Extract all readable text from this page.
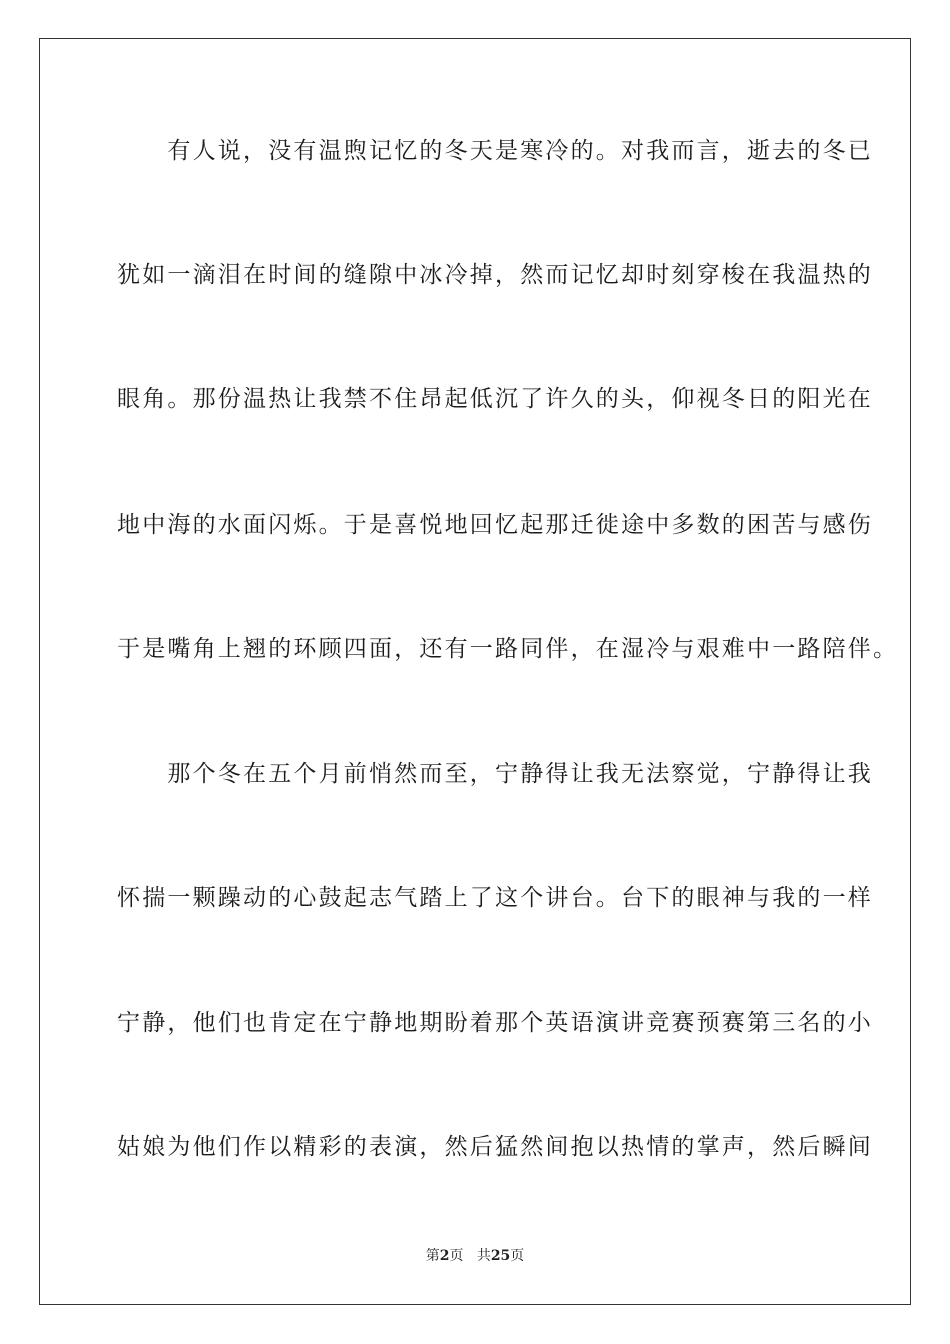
　　有人说，没有温煦记忆的冬天是寒冷的。对我而言，逝去的冬已
犹如一滴泪在时间的缝隙中冰冷掉，然而记忆却时刻穿梭在我温热的
眼角。那份温热让我禁不住昂起低沉了许久的头，仰视冬日的阳光在
地中海的水面闪烁。于是喜悦地回忆起那迁徙途中多数的困苦与感伤
于是嘴角上翘的环顾四面，还有一路同伴，在湿冷与艰难中一路陪伴。
　　那个冬在五个月前悄然而至，宁静得让我无法察觉，宁静得让我
怀揣一颗躁动的心鼓起志气踏上了这个讲台。台下的眼神与我的一样
宁静，他们也肯定在宁静地期盼着那个英语演讲竞赛预赛第三名的小
姑娘为他们作以精彩的表演，然后猛然间抱以热情的掌声，然后瞬间
第2页 共25页
